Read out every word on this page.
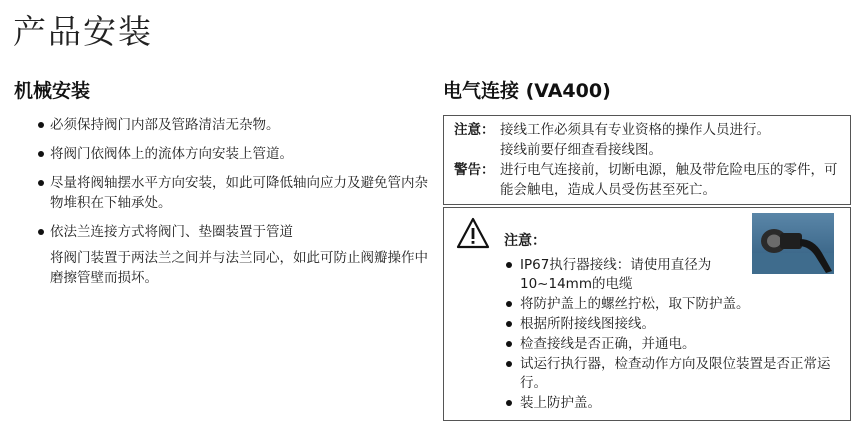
产品安装
机械安装
必须保持阀门内部及管路清洁无杂物。
将阀门依阀体上的流体方向安装上管道。
尽量将阀轴摆水平方向安装，如此可降低轴向应力及避免管内杂物堆积在下轴承处。
依法兰连接方式将阀门、垫圈装置于管道
将阀门装置于两法兰之间并与法兰同心，如此可防止阀瓣操作中磨擦管壁而损坏。
电气连接 (VA400)
注意： 接线工作必须具有专业资格的操作人员进行。
接线前要仔细查看接线图。
警告： 进行电气连接前，切断电源，触及带危险电压的零件，可能会触电，造成人员受伤甚至死亡。
注意：
IP67执行器接线：请使用直径为10~14mm的电缆
将防护盖上的螺丝拧松，取下防护盖。
根据所附接线图接线。
检查接线是否正确，并通电。
试运行执行器，检查动作方向及限位装置是否正常运行。
装上防护盖。
